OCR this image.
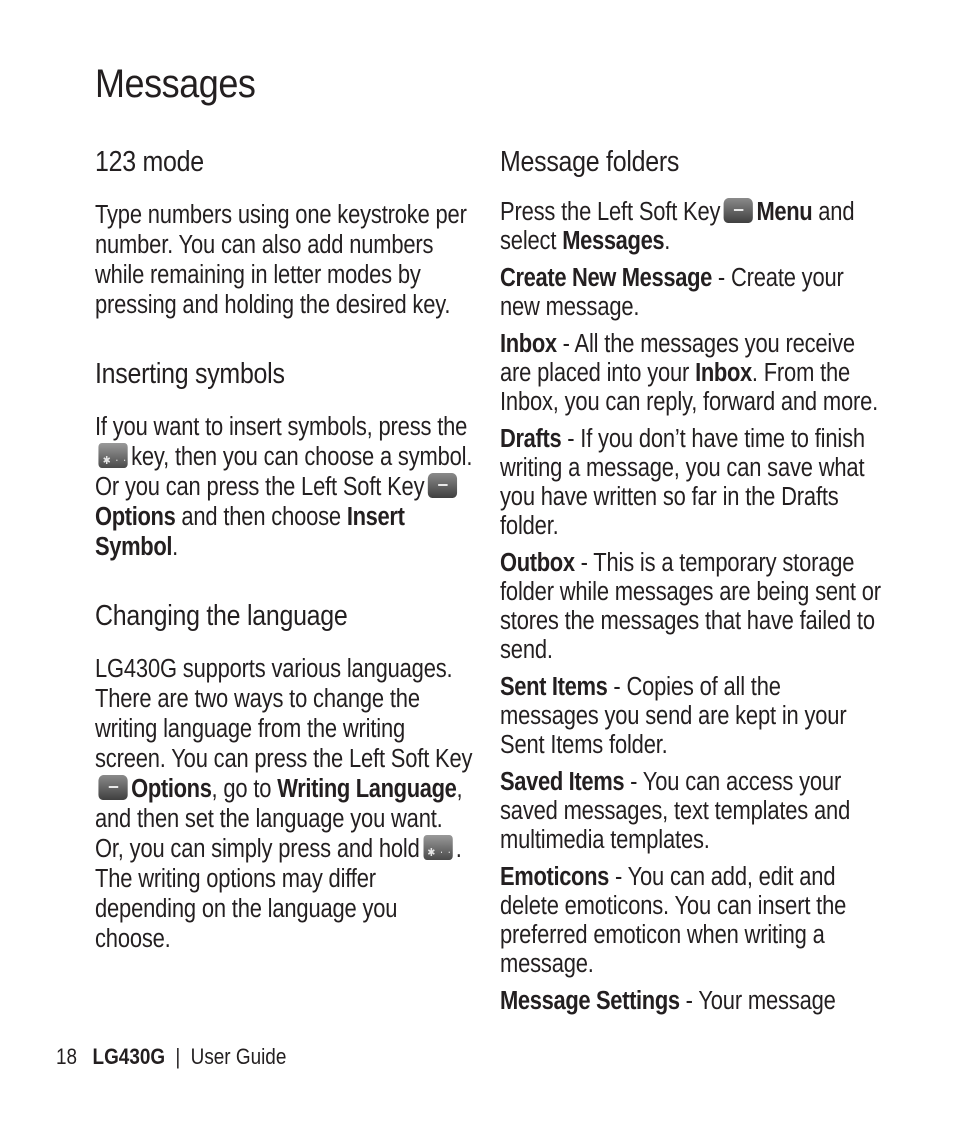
Messages
123 mode

Type numbers using one keystroke per number. You can also add numbers while remaining in letter modes by pressing and holding the desired key.

Inserting symbols

If you want to insert symbols, press the✱ · ·key, then you can choose a symbol. Or you can press the Left Soft KeyOptions and then choose Insert Symbol.

Changing the language

LG430G supports various languages. There are two ways to change the writing language from the writing screen. You can press the Left Soft KeyOptions, go to Writing Language, and then set the language you want. Or, you can simply press and hold✱ · · . The writing options may differ depending on the language you choose.

Message folders

Press the Left Soft Key Menu and select Messages.

Create New Message - Create your new message.

Inbox - All the messages you receive are placed into your Inbox. From the Inbox, you can reply, forward and more.

Drafts - If you don’t have time to finish writing a message, you can save what you have written so far in the Drafts folder.

Outbox - This is a temporary storage folder while messages are being sent or stores the messages that have failed to send.

Sent Items - Copies of all the messages you send are kept in your Sent Items folder.

Saved Items - You can access your saved messages, text templates and multimedia templates.

Emoticons - You can add, edit and delete emoticons. You can insert the preferred emoticon when writing a message.

Message Settings - Your message

18 LG430G | User Guide
